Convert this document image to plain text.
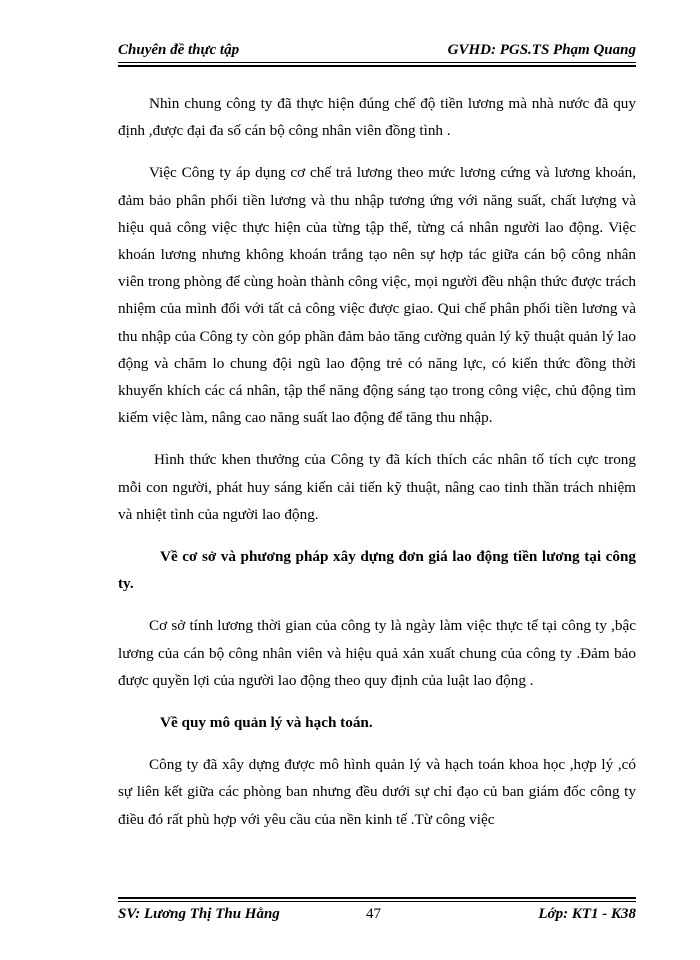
Chuyên đề thực tập	GVHD: PGS.TS Phạm Quang

Nhìn chung công ty đã thực hiện đúng chế độ tiền lương mà nhà nước đã quy định ,được đại đa số cán bộ công nhân viên đồng tình .

Việc Công ty áp dụng cơ chế trả lương theo mức lương cứng và lương khoán, đảm bảo phân phối tiền lương và thu nhập tương ứng với năng suất, chất lượng và hiệu quả công việc thực hiện của từng tập thể, từng cá nhân người lao động. Việc khoán lương nhưng không khoán trắng tạo nên sự hợp tác giữa cán bộ công nhân viên trong phòng để cùng hoàn thành công việc, mọi người đều nhận thức được trách nhiệm của mình đối với tất cả công việc được giao. Qui chế phân phối tiền lương và thu nhập của Công ty còn góp phần đảm bảo tăng cường quản lý kỹ thuật quản lý lao động và chăm lo chung đội ngũ lao động trẻ có năng lực, có kiến thức đồng thời khuyến khích các cá nhân, tập thể năng động sáng tạo trong công việc, chủ động tìm kiếm việc làm, nâng cao năng suất lao động để tăng thu nhập.

Hình thức khen thưởng của Công ty đã kích thích các nhân tố tích cực trong mỗi con người, phát huy sáng kiến cải tiến kỹ thuật, nâng cao tinh thần trách nhiệm và nhiệt tình của người lao động.

Về cơ sở và phương pháp xây dựng đơn giá lao động tiền lương tại công ty.

Cơ sở tính lương thời gian của công ty là ngày làm việc thực tế tại công ty ,bậc lương của cán bộ công nhân viên và hiệu quả xản xuất chung của công ty .Đảm bảo được quyền lợi của người lao động theo quy định của luật lao động .

Về quy mô quản lý và hạch toán.

Công ty đã xây dựng được mô hình quản lý và hạch toán khoa học ,hợp lý ,có sự liên kết giữa các phòng ban nhưng đều dưới sự chỉ đạo củ ban giám đốc công ty điều đó rất phù hợp với yêu cầu của nền kinh tế .Từ công việc

SV: Lương Thị Thu Hằng	47	Lớp: KT1 - K38
